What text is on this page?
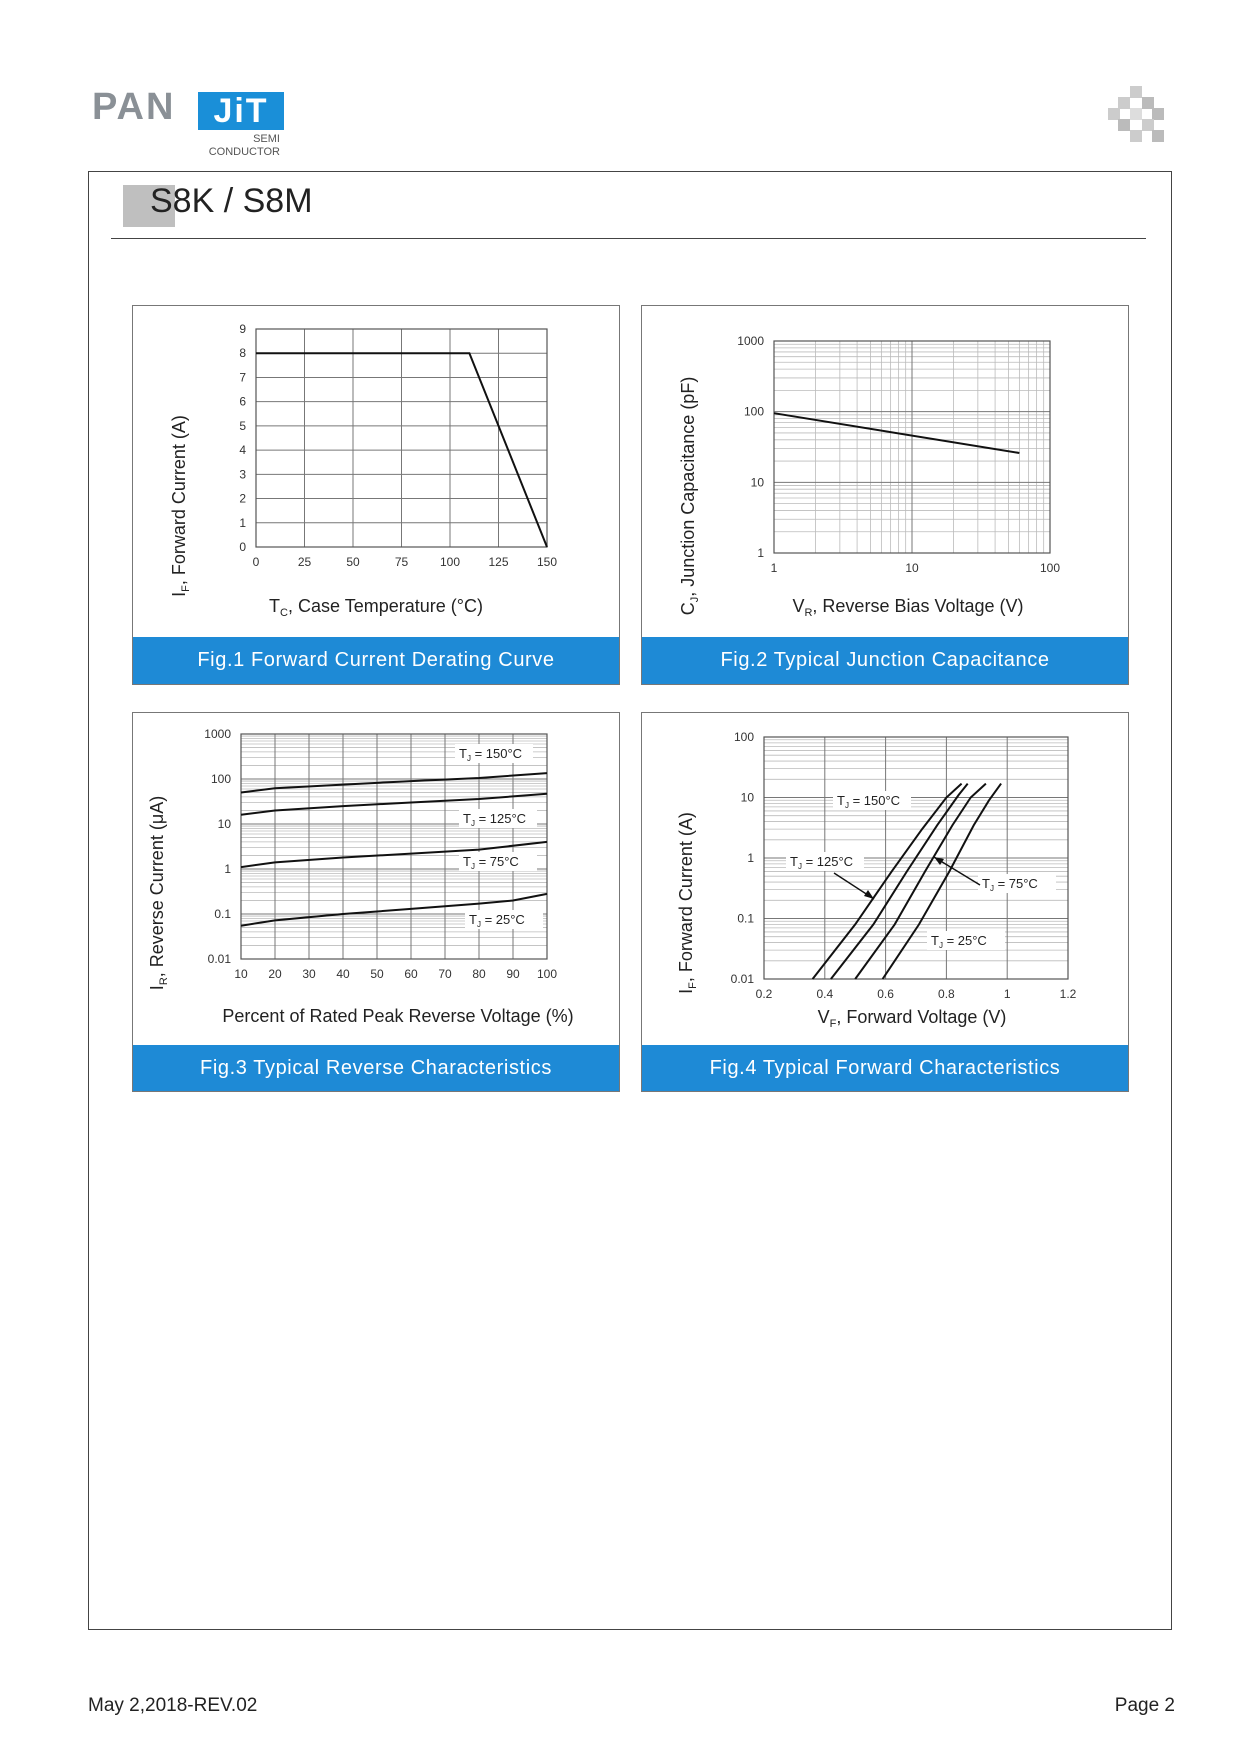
PAN	JiT
SEMI
CONDUCTOR
S8K / S8M
0
1
2
3
4
5
6
7
8
9
0	25	50	75	100 125 150
$I_F$, Forward Current (A)
$T_C$, Case Temperature (°C)
Fig.1 Forward Current Derating Curve
1
10
100
1000
1	10	100
$C_J$, Junction Capacitance (pF)
$V_R$, Reverse Bias Voltage (V)
Fig.2 Typical Junction Capacitance
0.01
0.1
1
10
100
1000
10 20 30 40 50 60 70 80 90 100
$T_J = 150^\circ C$
$T_J = 125^\circ C$
$T_J = 75^\circ C$
$T_J = 25^\circ C$
$I_R$, Reverse Current (μA)
Percent of Rated Peak Reverse Voltage (%)
Fig.3 Typical Reverse Characteristics
0.01
0.1
1
10
100
0.2	0.4	0.6	0.8	1	1.2
$T_J = 150^\circ C$
$T_J = 125^\circ C$
$T_J = 75^\circ C$
$T_J = 25^\circ C$
$I_F$, Forward Current (A)
$V_F$, Forward Voltage (V)
Fig.4 Typical Forward Characteristics
May 2,2018-REV.02	Page 2
